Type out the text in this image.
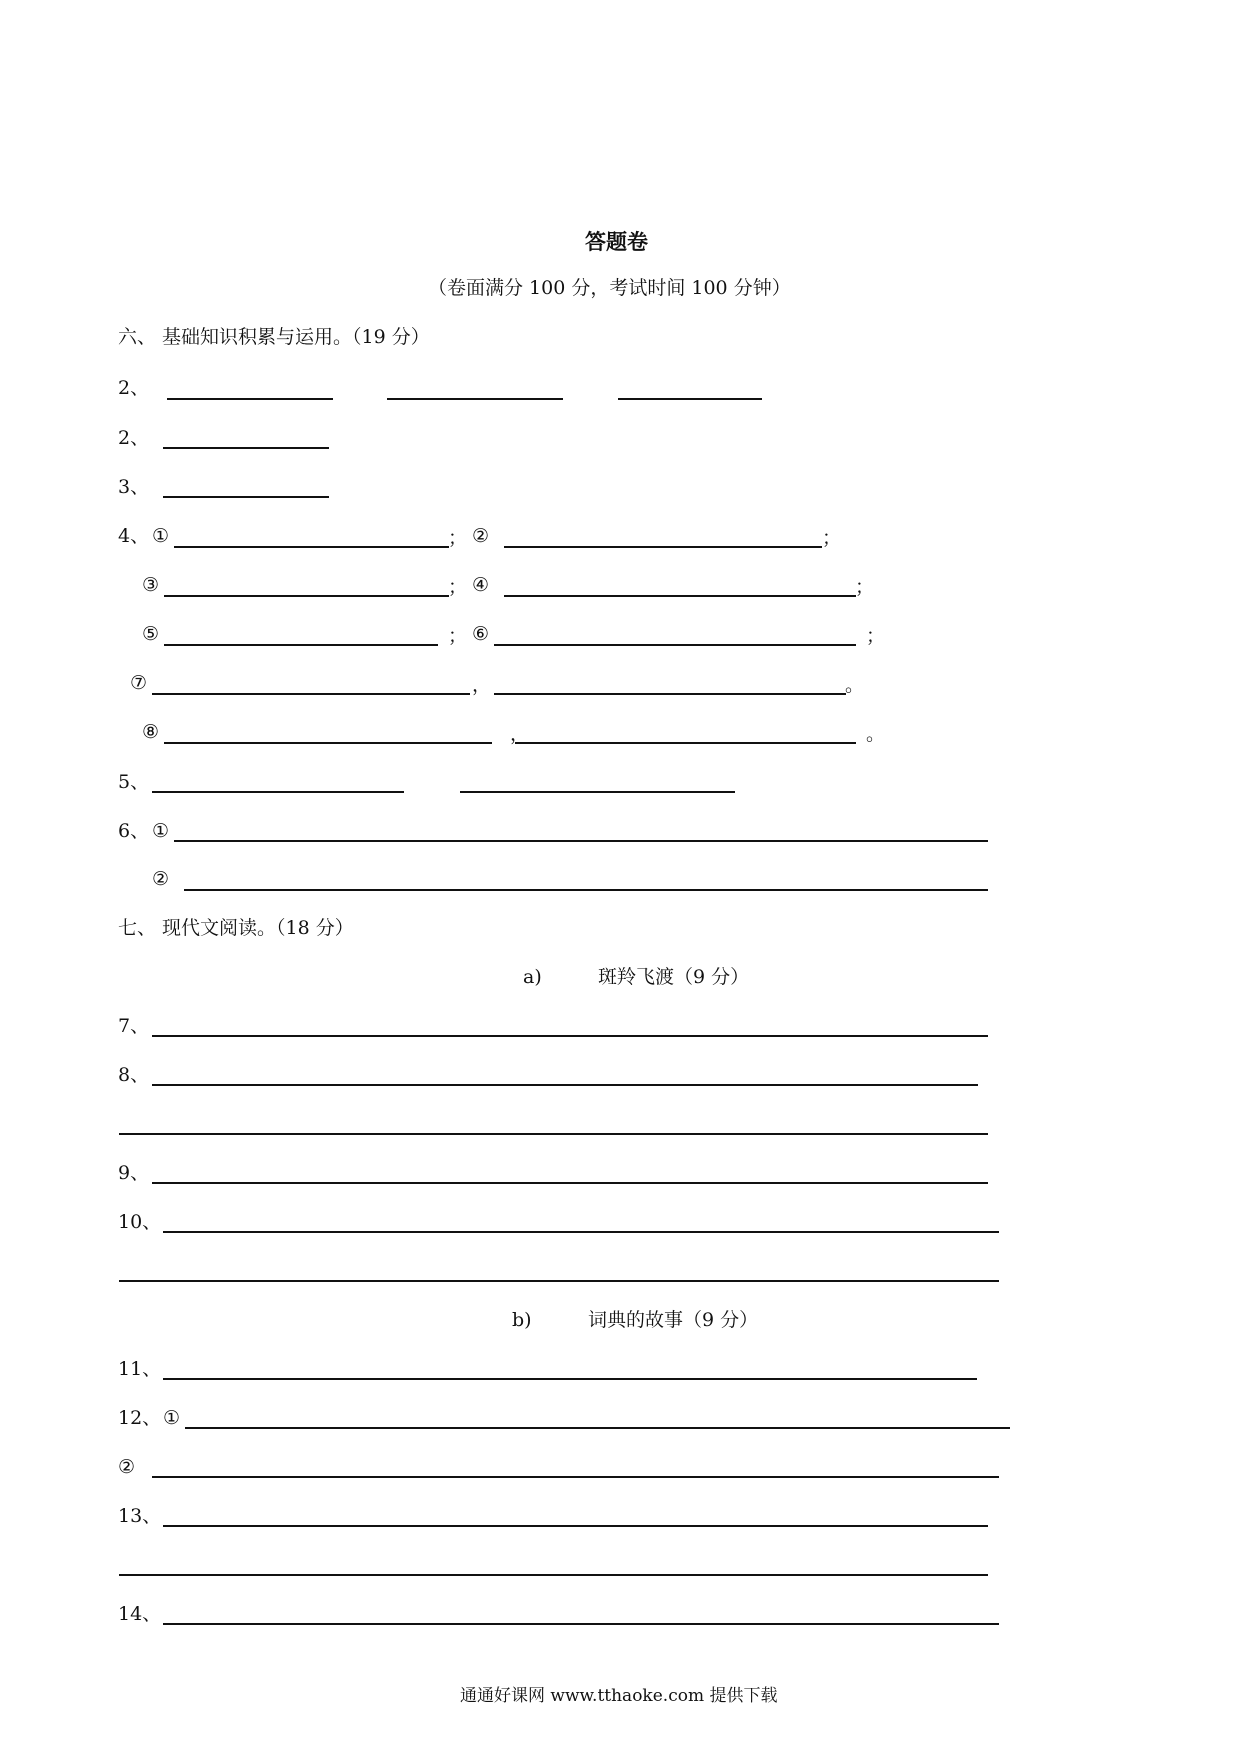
答题卷
（卷面满分 100 分，考试时间 100 分钟）
六、 基础知识积累与运用。（19 分）
2、
2、
3、
4、 ①	； ②	；
③	； ④	；
⑤	； ⑥	；
⑦	，	。
⑧	，	。
5、
6、 ①
②
七、 现代文阅读。（18 分）
a)	斑羚飞渡（9 分）
7、
8、
9、
10、
b)	词典的故事（9 分）
11、
12、 ①
②
13、
14、
通通好课网 www.tthaoke.com 提供下载
